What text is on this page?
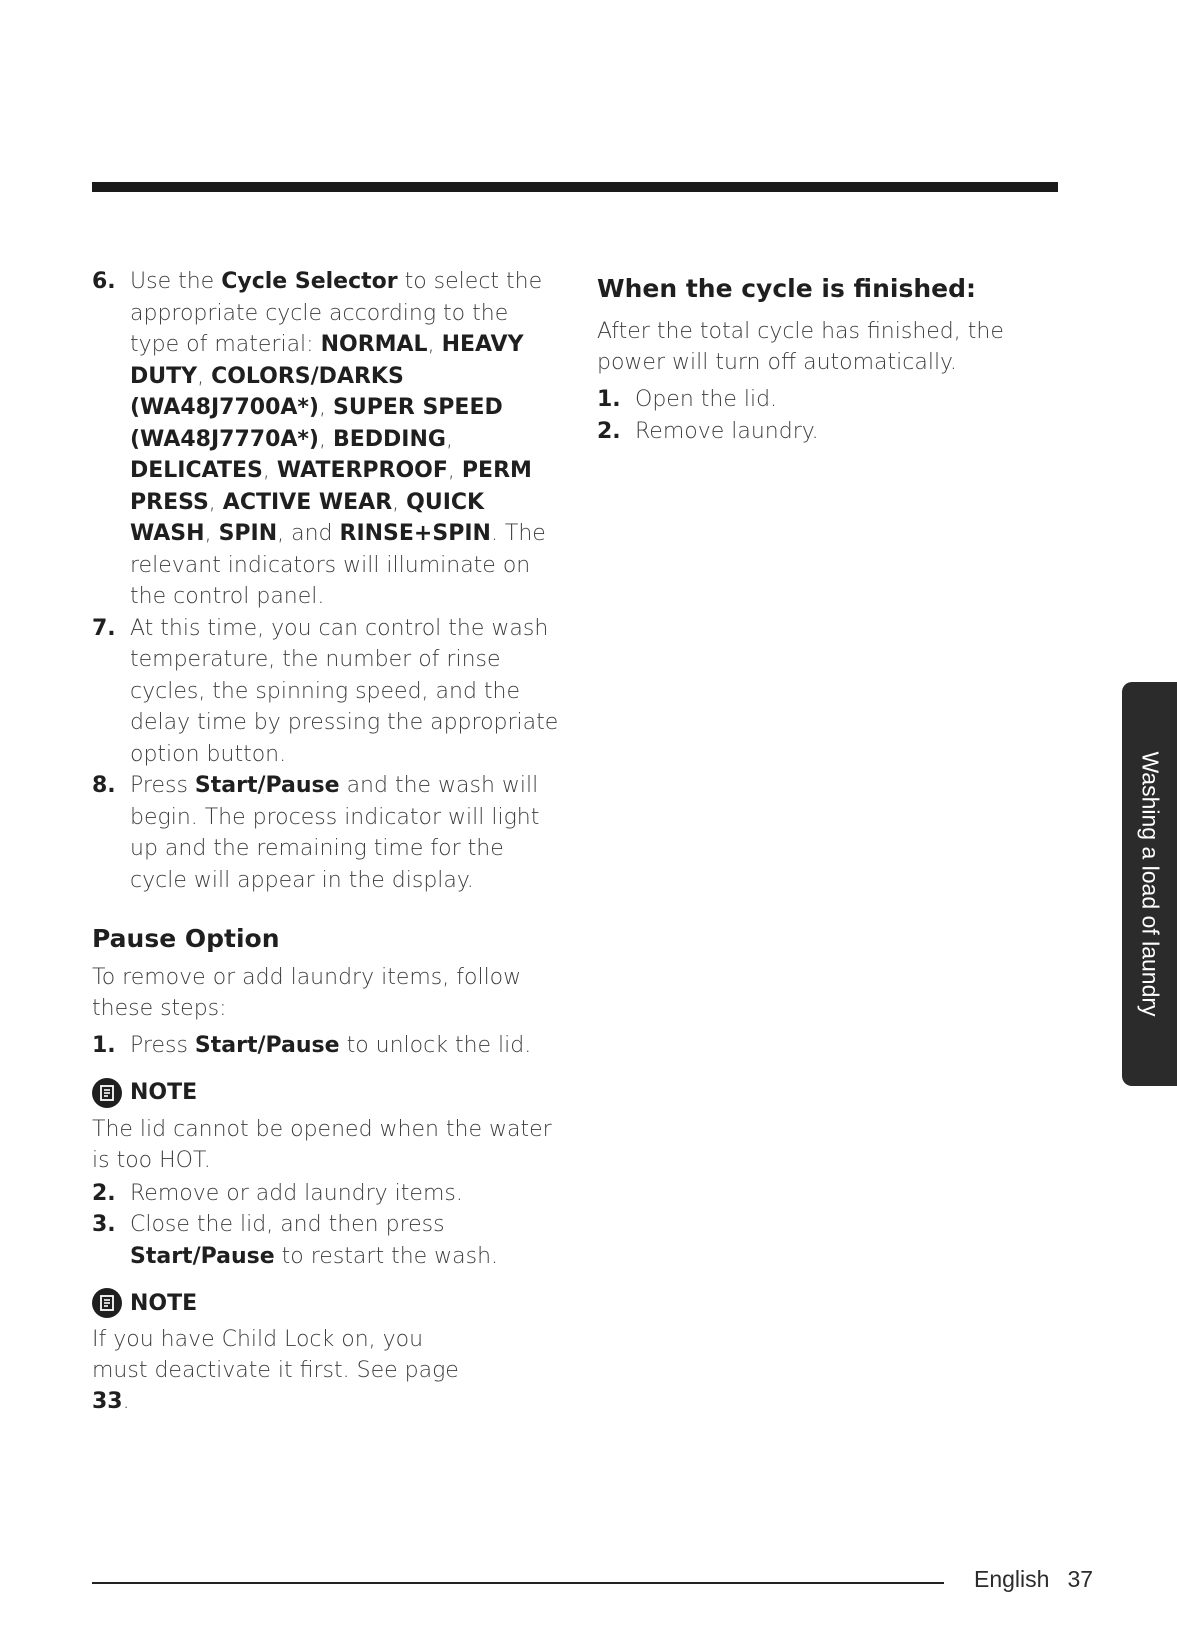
6. Use the Cycle Selector to select the appropriate cycle according to the type of material: NORMAL, HEAVY DUTY, COLORS/DARKS (WA48J7700A*), SUPER SPEED (WA48J7770A*), BEDDING, DELICATES, WATERPROOF, PERM PRESS, ACTIVE WEAR, QUICK WASH, SPIN, and RINSE+SPIN. The relevant indicators will illuminate on the control panel.
7. At this time, you can control the wash temperature, the number of rinse cycles, the spinning speed, and the delay time by pressing the appropriate option button.
8. Press Start/Pause and the wash will begin. The process indicator will light up and the remaining time for the cycle will appear in the display.
Pause Option
To remove or add laundry items, follow these steps:
1. Press Start/Pause to unlock the lid.
NOTE
The lid cannot be opened when the water is too HOT.
2. Remove or add laundry items.
3. Close the lid, and then press Start/Pause to restart the wash.
NOTE
If you have Child Lock on, you must deactivate it first. See page 33.
When the cycle is finished:
After the total cycle has finished, the power will turn off automatically.
1. Open the lid.
2. Remove laundry.
Washing a load of laundry
English 37
